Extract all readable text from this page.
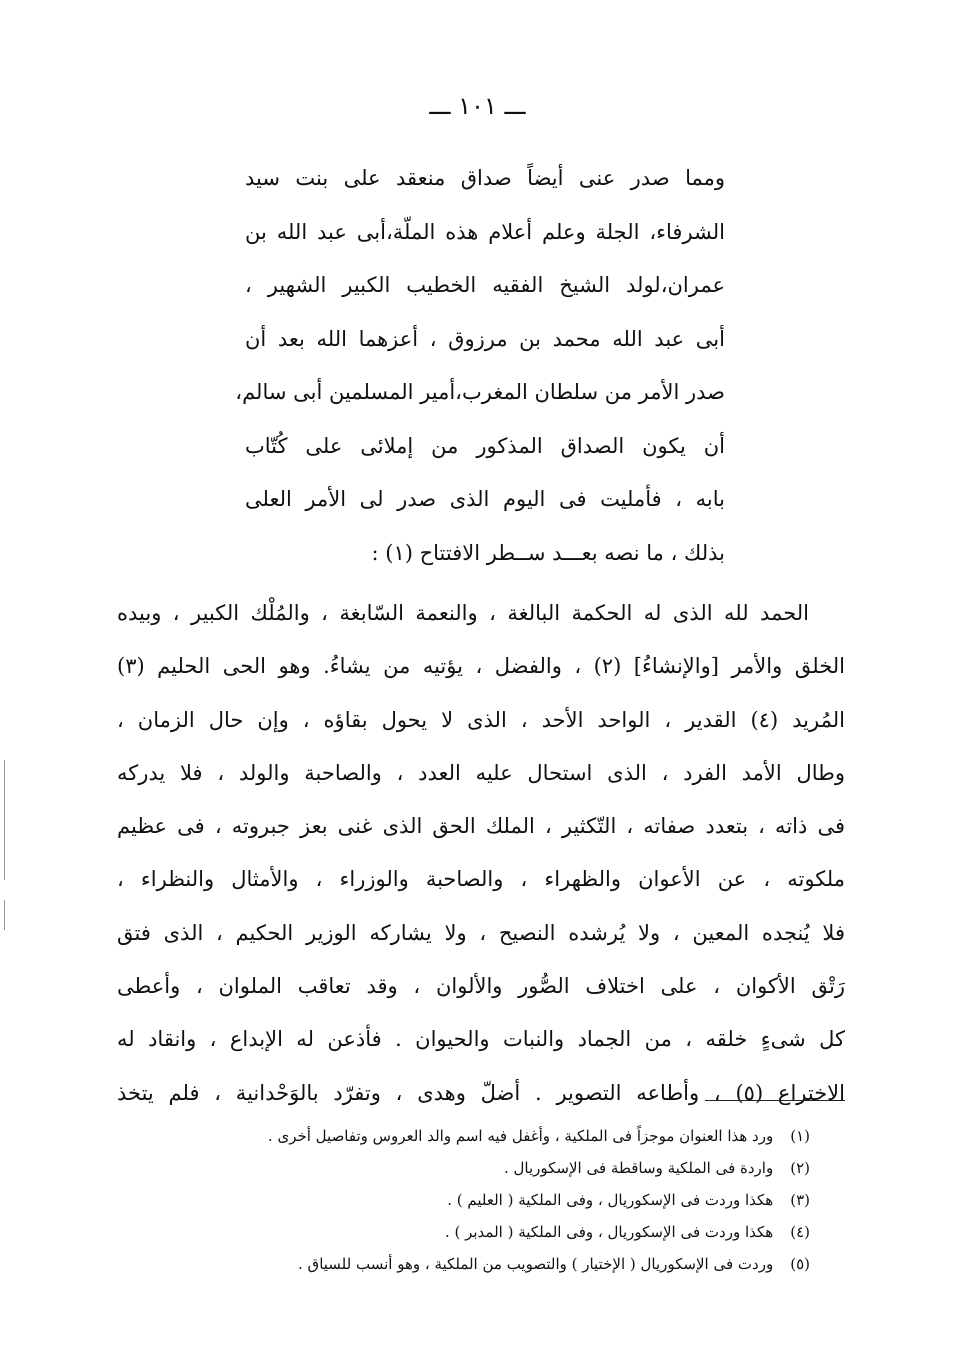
ـــ ١٠١ ـــ
ومما صدر عنى أيضاً صداق منعقد على بنت سيد
الشرفاء، الجلة وعلم أعلام هذه الملّة،أبى عبد الله بن
عمران،لولد الشيخ الفقيه الخطيب الكبير الشهير ،
أبى عبد الله محمد بن مرزوق ، أعزهما الله بعد أن
صدر الأمر من سلطان المغرب،أمير المسلمين أبى سالم،
أن يكون الصداق المذكور من إملائى على كُتّاب
بابه ، فأمليت فى اليوم الذى صدر لى الأمر العلى
بذلك ، ما نصه بعـــد ســطر الافتتاح (١) :
الحمد لله الذى له الحكمة البالغة ، والنعمة السّابغة ، والمُلْك الكبير ، وبيده
الخلق والأمر [والإنشاءُ] (٢) ، والفضل ، يؤتيه من يشاءُ. وهو الحى الحليم (٣)
المُريد (٤) القدير ، الواحد الأحد ، الذى لا يحول بقاؤه ، وإن حال الزمان ،
وطال الأمد الفرد ، الذى استحال عليه العدد ، والصاحبة والولد ، فلا يدركه
فى ذاته ، بتعدد صفاته ، التّكثير ، الملك الحق الذى غنى بعز جبروته ، فى عظيم
ملكوته ، عن الأعوان والظهراء ، والصاحبة والوزراء ، والأمثال والنظراء ،
فلا يُنجده المعين ، ولا يُرشده النصيح ، ولا يشاركه الوزير الحكيم ، الذى فتق
رَتْق الأكوان ، على اختلاف الصُّور والألوان ، وقد تعاقب الملوان ، وأعطى
كل شىءٍ خلقه ، من الجماد والنبات والحيوان . فأذعن له الإبداع ، وانقاد له
الاختراع (٥) ، وأطاعه التصوير . أضلّ وهدى ، وتفرّد بالوَحْدانية ، فلم يتخذ
(١) ورد هذا العنوان موجزاً فى الملكية ، وأغفل فيه اسم والد العروس وتفاصيل أخرى .
(٢) واردة فى الملكية وساقطة فى الإسكوريال .
(٣) هكذا وردت فى الإسكوريال ، وفى الملكية ( العليم ) .
(٤) هكذا وردت فى الإسكوريال ، وفى الملكية ( المدبر ) .
(٥) وردت فى الإسكوريال ( الإختيار ) والتصويب من الملكية ، وهو أنسب للسياق .
